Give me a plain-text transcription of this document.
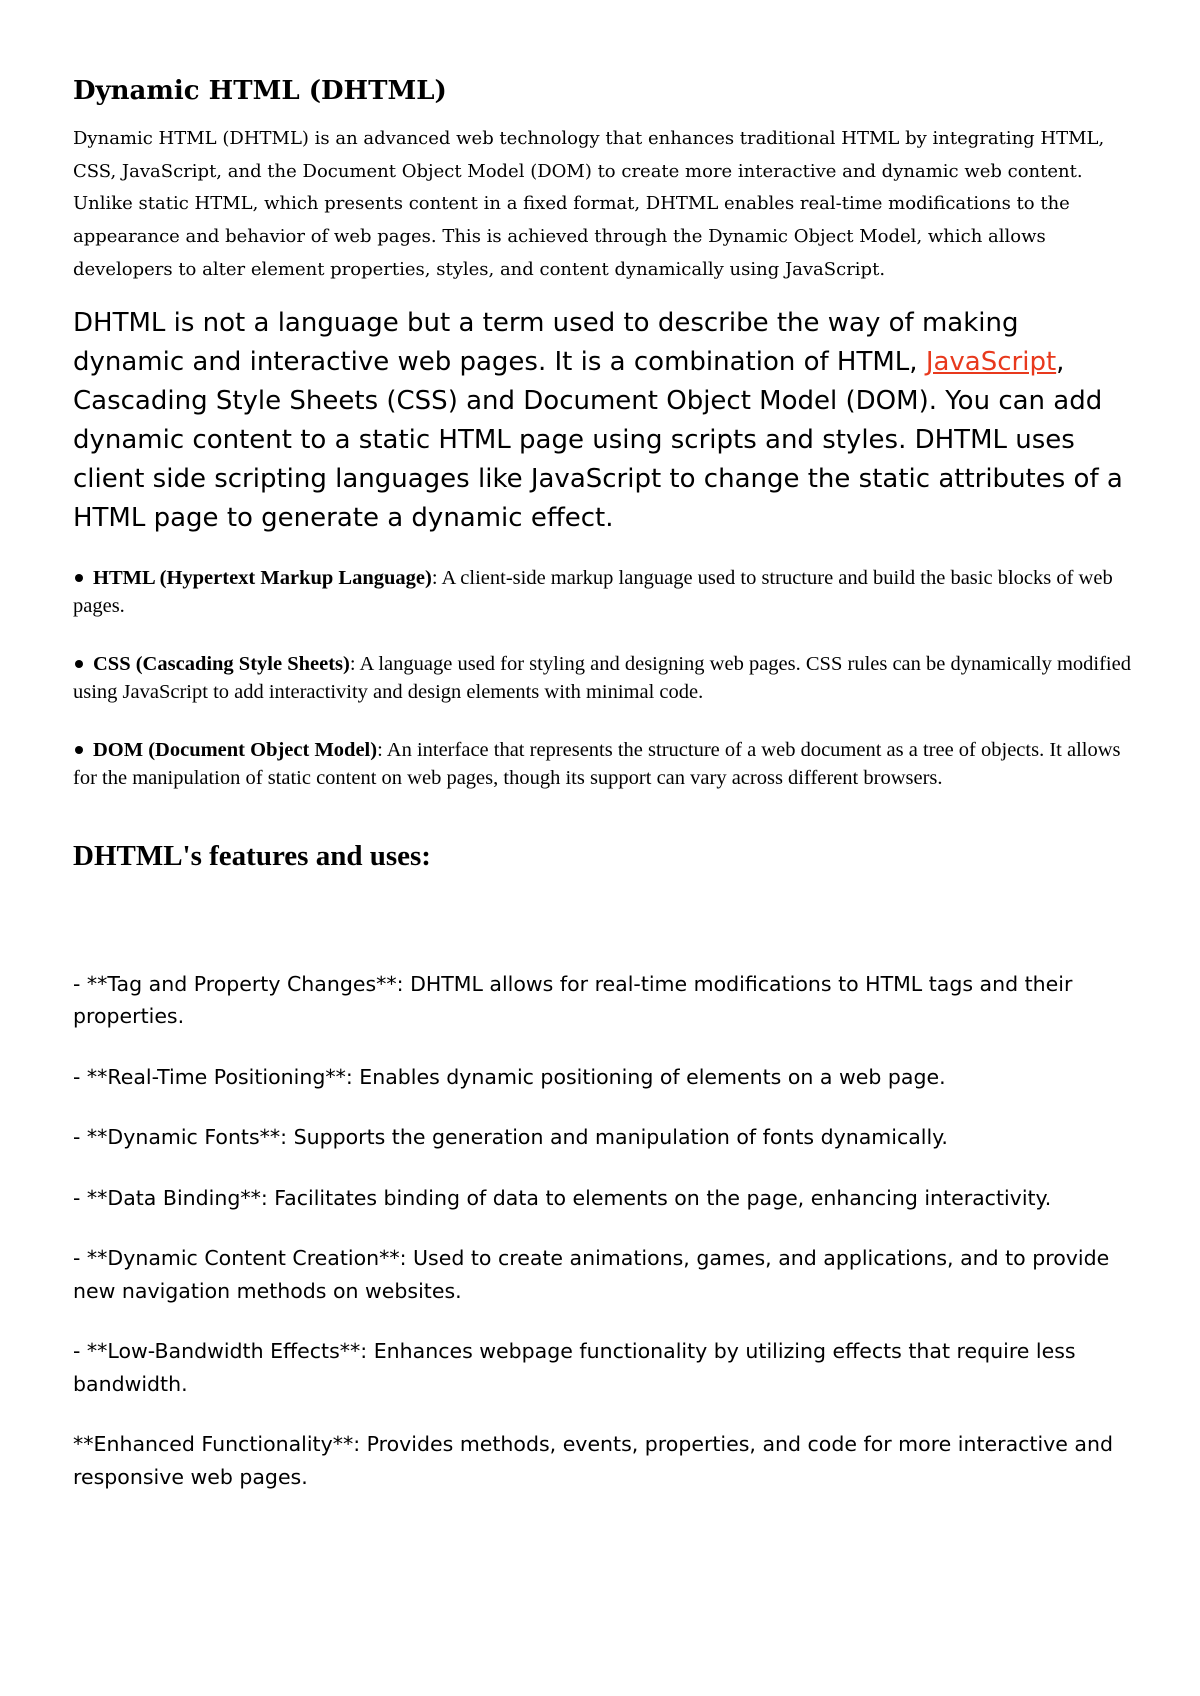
Dynamic HTML (DHTML)

Dynamic HTML (DHTML) is an advanced web technology that enhances traditional HTML by integrating HTML, CSS, JavaScript, and the Document Object Model (DOM) to create more interactive and dynamic web content. Unlike static HTML, which presents content in a fixed format, DHTML enables real-time modifications to the appearance and behavior of web pages. This is achieved through the Dynamic Object Model, which allows developers to alter element properties, styles, and content dynamically using JavaScript.

DHTML is not a language but a term used to describe the way of making dynamic and interactive web pages. It is a combination of HTML, JavaScript, Cascading Style Sheets (CSS) and Document Object Model (DOM). You can add dynamic content to a static HTML page using scripts and styles. DHTML uses client side scripting languages like JavaScript to change the static attributes of a HTML page to generate a dynamic effect.

HTML (Hypertext Markup Language): A client-side markup language used to structure and build the basic blocks of web pages.
CSS (Cascading Style Sheets): A language used for styling and designing web pages. CSS rules can be dynamically modified using JavaScript to add interactivity and design elements with minimal code.
DOM (Document Object Model): An interface that represents the structure of a web document as a tree of objects. It allows for the manipulation of static content on web pages, though its support can vary across different browsers.
DHTML's features and uses:

- **Tag and Property Changes**: DHTML allows for real-time modifications to HTML tags and their properties.

- **Real-Time Positioning**: Enables dynamic positioning of elements on a web page.

- **Dynamic Fonts**: Supports the generation and manipulation of fonts dynamically.

- **Data Binding**: Facilitates binding of data to elements on the page, enhancing interactivity.

- **Dynamic Content Creation**: Used to create animations, games, and applications, and to provide new navigation methods on websites.

- **Low-Bandwidth Effects**: Enhances webpage functionality by utilizing effects that require less bandwidth.

**Enhanced Functionality**: Provides methods, events, properties, and code for more interactive and responsive web pages.
